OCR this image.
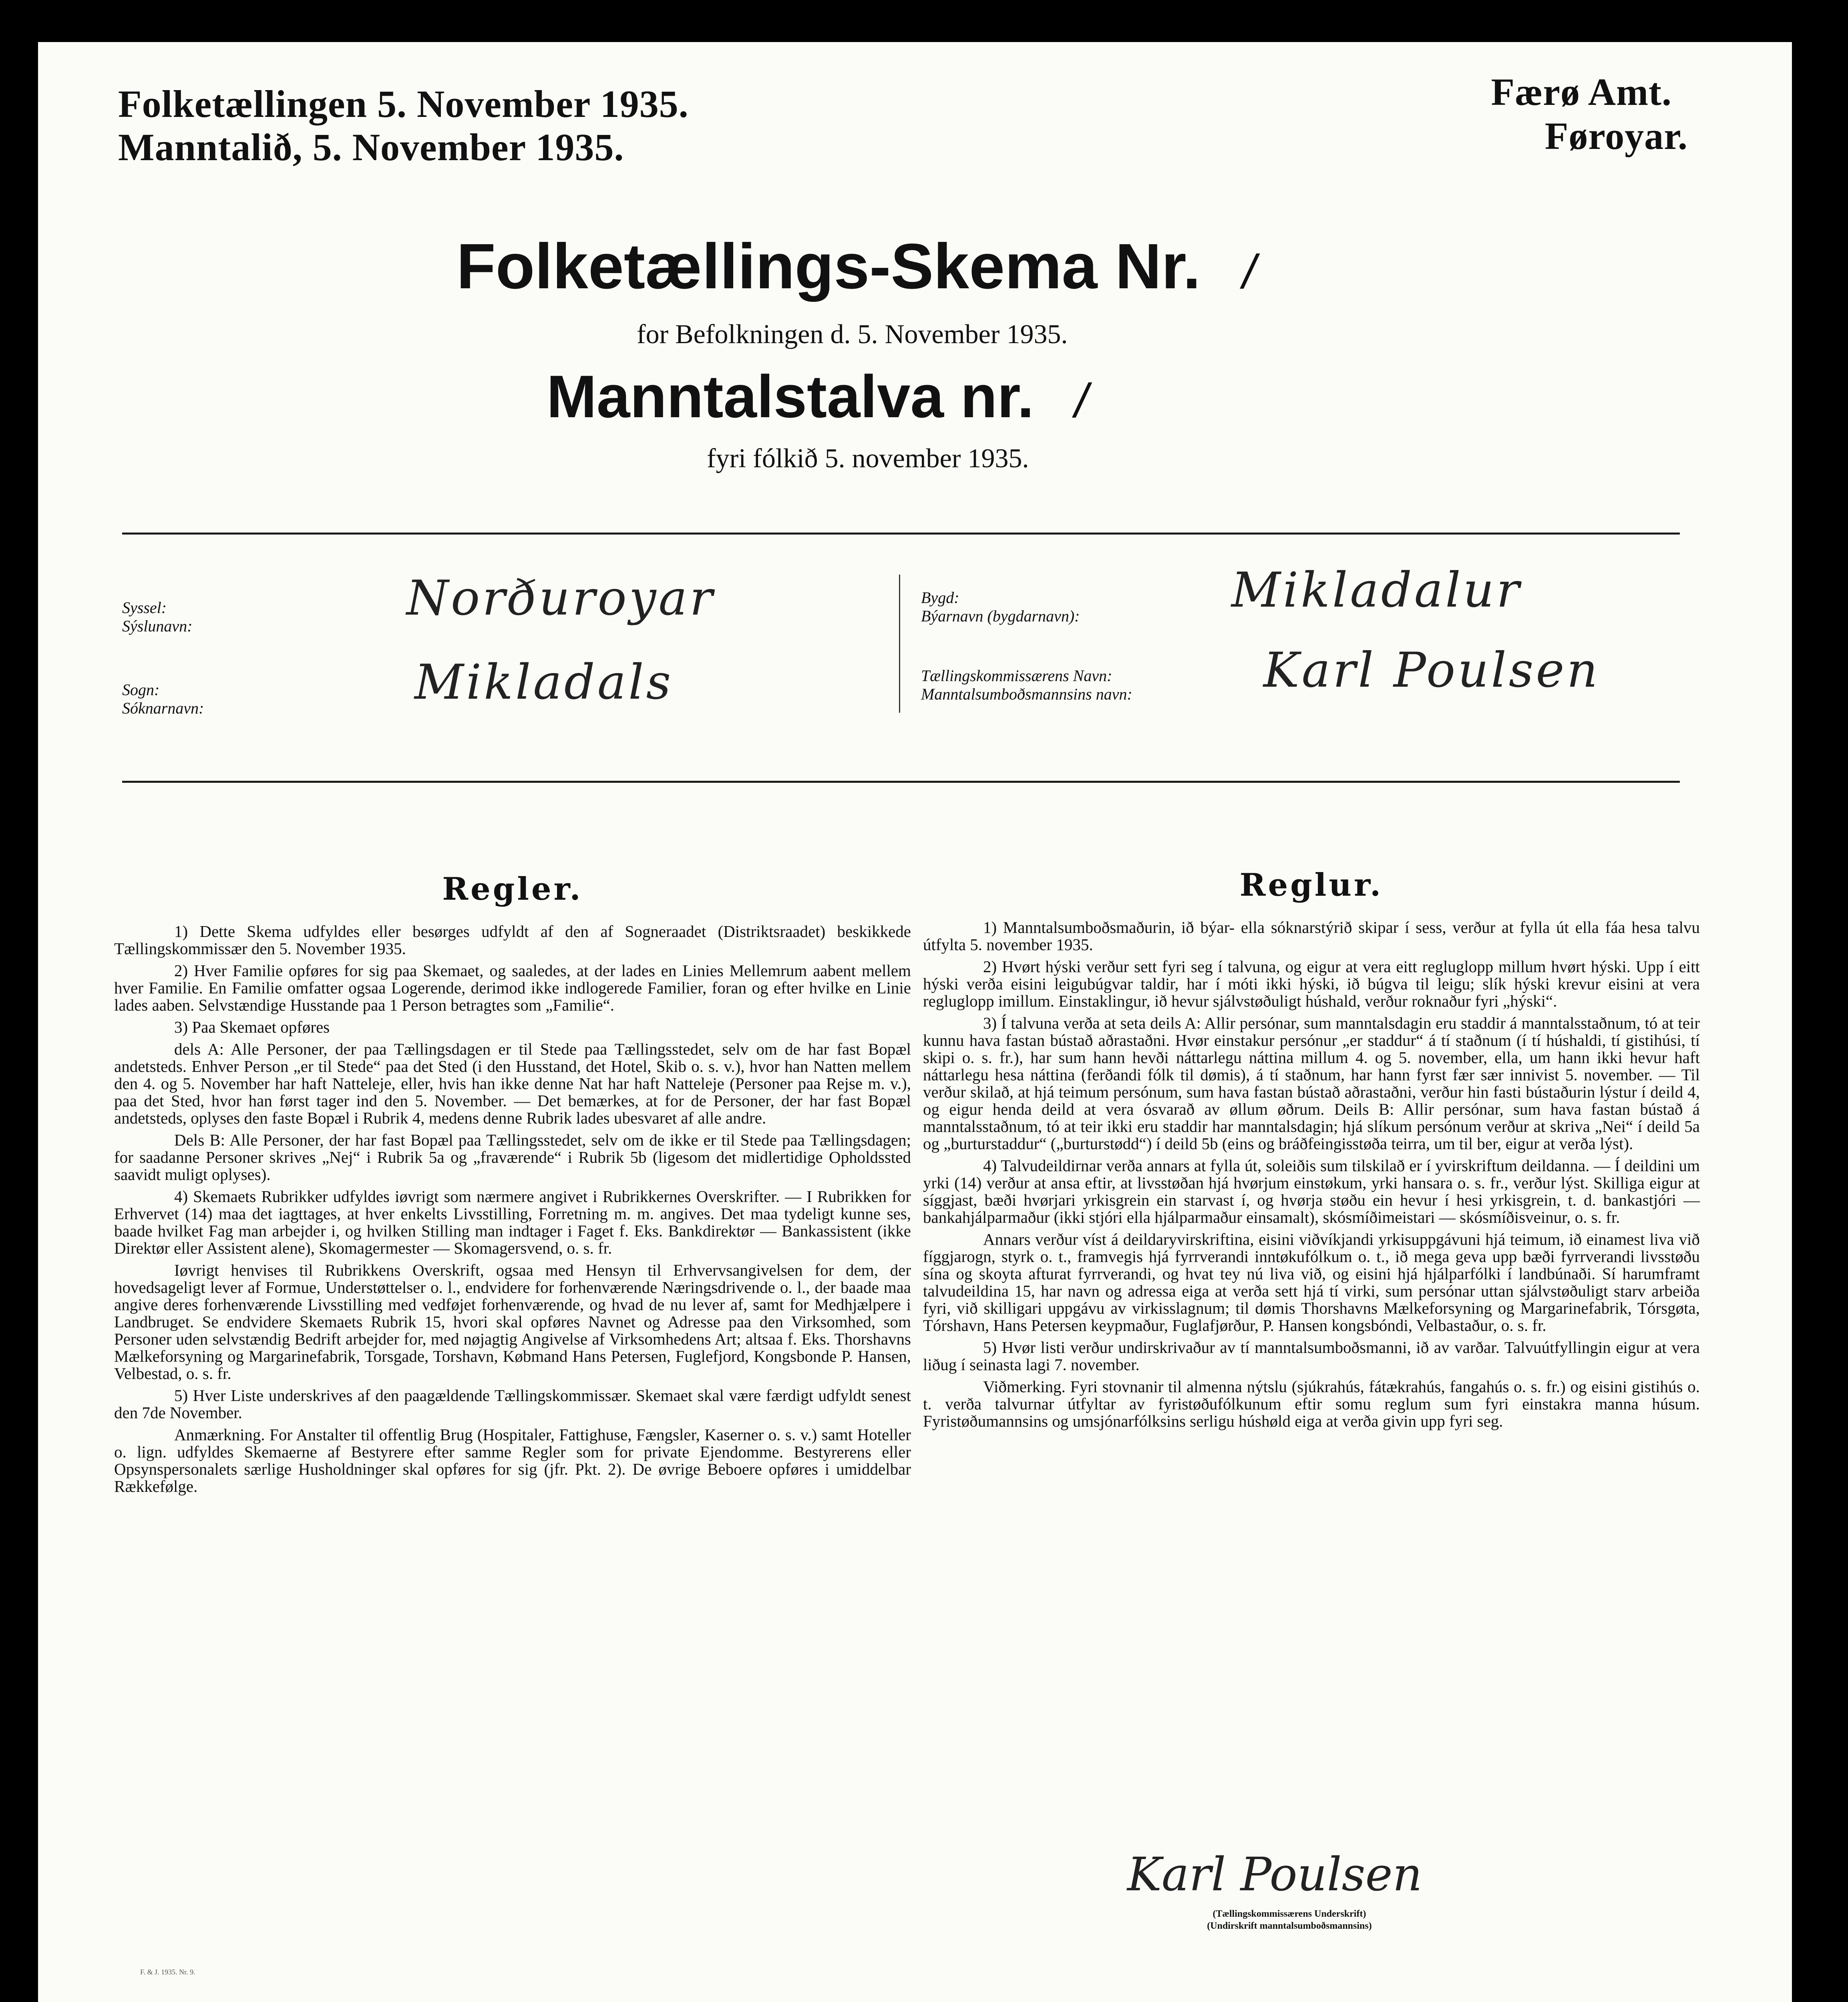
Folketællingen 5. November 1935.
Manntalið, 5. November 1935.
Færø Amt.
Føroyar.
Folketællings-Skema Nr. /
for Befolkningen d. 5. November 1935.
Manntalstalva nr. /
fyri fólkið 5. november 1935.
Syssel:
Sýslunavn:	Norðuroyar
Sogn:
Sóknarnavn:	Mikladals
Bygd:
Býarnavn (bygdarnavn):	Mikladalur
Tællingskommissærens Navn:
Manntalsumboðsmannsins navn:	Karl Poulsen
Regler.

1) Dette Skema udfyldes eller besørges udfyldt af den af Sogneraadet (Distriktsraadet) beskikkede Tællingskommissær den 5. November 1935.

2) Hver Familie opføres for sig paa Skemaet, og saaledes, at der lades en Linies Mellemrum aabent mellem hver Familie. En Familie omfatter ogsaa Logerende, derimod ikke indlogerede Familier, foran og efter hvilke en Linie lades aaben. Selvstændige Husstande paa 1 Person betragtes som „Familie“.

3) Paa Skemaet opføres

dels A: Alle Personer, der paa Tællingsdagen er til Stede paa Tællingsstedet, selv om de har fast Bopæl andetsteds. Enhver Person „er til Stede“ paa det Sted (i den Husstand, det Hotel, Skib o. s. v.), hvor han Natten mellem den 4. og 5. November har haft Natteleje, eller, hvis han ikke denne Nat har haft Natteleje (Personer paa Rejse m. v.), paa det Sted, hvor han først tager ind den 5. November. — Det bemærkes, at for de Personer, der har fast Bopæl andetsteds, oplyses den faste Bopæl i Rubrik 4, medens denne Rubrik lades ubesvaret af alle andre.

Dels B: Alle Personer, der har fast Bopæl paa Tællingsstedet, selv om de ikke er til Stede paa Tællingsdagen; for saadanne Personer skrives „Nej“ i Rubrik 5a og „fraværende“ i Rubrik 5b (ligesom det midlertidige Opholdssted saavidt muligt oplyses).

4) Skemaets Rubrikker udfyldes iøvrigt som nærmere angivet i Rubrikkernes Overskrifter. — I Rubrikken for Erhvervet (14) maa det iagttages, at hver enkelts Livsstilling, Forretning m. m. angives. Det maa tydeligt kunne ses, baade hvilket Fag man arbejder i, og hvilken Stilling man indtager i Faget f. Eks. Bankdirektør — Bankassistent (ikke Direktør eller Assistent alene), Skomagermester — Skomagersvend, o. s. fr.

Iøvrigt henvises til Rubrikkens Overskrift, ogsaa med Hensyn til Erhvervsangivelsen for dem, der hovedsageligt lever af Formue, Understøttelser o. l., endvidere for forhenværende Næringsdrivende o. l., der baade maa angive deres forhenværende Livsstilling med vedføjet forhenværende, og hvad de nu lever af, samt for Medhjælpere i Landbruget. Se endvidere Skemaets Rubrik 15, hvori skal opføres Navnet og Adresse paa den Virksomhed, som Personer uden selvstændig Bedrift arbejder for, med nøjagtig Angivelse af Virksomhedens Art; altsaa f. Eks. Thorshavns Mælkeforsyning og Margarinefabrik, Torsgade, Torshavn, Købmand Hans Petersen, Fuglefjord, Kongsbonde P. Hansen, Velbestad, o. s. fr.

5) Hver Liste underskrives af den paagældende Tællingskommissær. Skemaet skal være færdigt udfyldt senest den 7de November.

Anmærkning. For Anstalter til offentlig Brug (Hospitaler, Fattighuse, Fængsler, Kaserner o. s. v.) samt Hoteller o. lign. udfyldes Skemaerne af Bestyrere efter samme Regler som for private Ejendomme. Bestyrerens eller Opsynspersonalets særlige Husholdninger skal opføres for sig (jfr. Pkt. 2). De øvrige Beboere opføres i umiddelbar Rækkefølge.

Reglur.

1) Manntalsumboðsmaðurin, ið býar- ella sóknarstýrið skipar í sess, verður at fylla út ella fáa hesa talvu útfylta 5. november 1935.

2) Hvørt hýski verður sett fyri seg í talvuna, og eigur at vera eitt regluglopp millum hvørt hýski. Upp í eitt hýski verða eisini leigubúgvar taldir, har í móti ikki hýski, ið búgva til leigu; slík hýski krevur eisini at vera regluglopp imillum. Einstaklingur, ið hevur sjálvstøðuligt húshald, verður roknaður fyri „hýski“.

3) Í talvuna verða at seta deils A: Allir persónar, sum manntalsdagin eru staddir á manntalsstaðnum, tó at teir kunnu hava fastan bústað aðrastaðni. Hvør einstakur persónur „er staddur“ á tí staðnum (í tí húshaldi, tí gistihúsi, tí skipi o. s. fr.), har sum hann hevði náttarlegu náttina millum 4. og 5. november, ella, um hann ikki hevur haft náttarlegu hesa náttina (ferðandi fólk til dømis), á tí staðnum, har hann fyrst fær sær innivist 5. november. — Til verður skilað, at hjá teimum persónum, sum hava fastan bústað aðrastaðni, verður hin fasti bústaðurin lýstur í deild 4, og eigur henda deild at vera ósvarað av øllum øðrum. Deils B: Allir persónar, sum hava fastan bústað á manntalsstaðnum, tó at teir ikki eru staddir har manntalsdagin; hjá slíkum persónum verður at skriva „Nei“ í deild 5a og „burturstaddur“ („burturstødd“) í deild 5b (eins og bráðfeingisstøða teirra, um til ber, eigur at verða lýst).

4) Talvudeildirnar verða annars at fylla út, soleiðis sum tilskilað er í yvirskriftum deildanna. — Í deildini um yrki (14) verður at ansa eftir, at livsstøðan hjá hvørjum einstøkum, yrki hansara o. s. fr., verður lýst. Skilliga eigur at síggjast, bæði hvørjari yrkisgrein ein starvast í, og hvørja støðu ein hevur í hesi yrkisgrein, t. d. bankastjóri — bankahjálparmaður (ikki stjóri ella hjálparmaður einsamalt), skósmíðimeistari — skósmíðisveinur, o. s. fr.

Annars verður víst á deildaryvirskriftina, eisini viðvíkjandi yrkisuppgávuni hjá teimum, ið einamest liva við fíggjarogn, styrk o. t., framvegis hjá fyrrverandi inntøkufólkum o. t., ið mega geva upp bæði fyrrverandi livsstøðu sína og skoyta afturat fyrrverandi, og hvat tey nú liva við, og eisini hjá hjálparfólki í landbúnaði. Sí harumframt talvudeildina 15, har navn og adressa eiga at verða sett hjá tí virki, sum persónar uttan sjálvstøðuligt starv arbeiða fyri, við skilligari uppgávu av virkisslagnum; til dømis Thorshavns Mælkeforsyning og Margarinefabrik, Tórsgøta, Tórshavn, Hans Petersen keypmaður, Fuglafjørður, P. Hansen kongsbóndi, Velbastaður, o. s. fr.

5) Hvør listi verður undirskrivaður av tí manntalsumboðsmanni, ið av varðar. Talvuútfyllingin eigur at vera liðug í seinasta lagi 7. november.

Viðmerking. Fyri stovnanir til almenna nýtslu (sjúkrahús, fátækrahús, fangahús o. s. fr.) og eisini gistihús o. t. verða talvurnar útfyltar av fyristøðufólkunum eftir somu reglum sum fyri einstakra manna húsum. Fyristøðumannsins og umsjónarfólksins serligu húshøld eiga at verða givin upp fyri seg.

Karl Poulsen
(Tællingskommissærens Underskrift)
(Undirskrift manntalsumboðsmannsins)
F. & J. 1935. Nr. 9.
